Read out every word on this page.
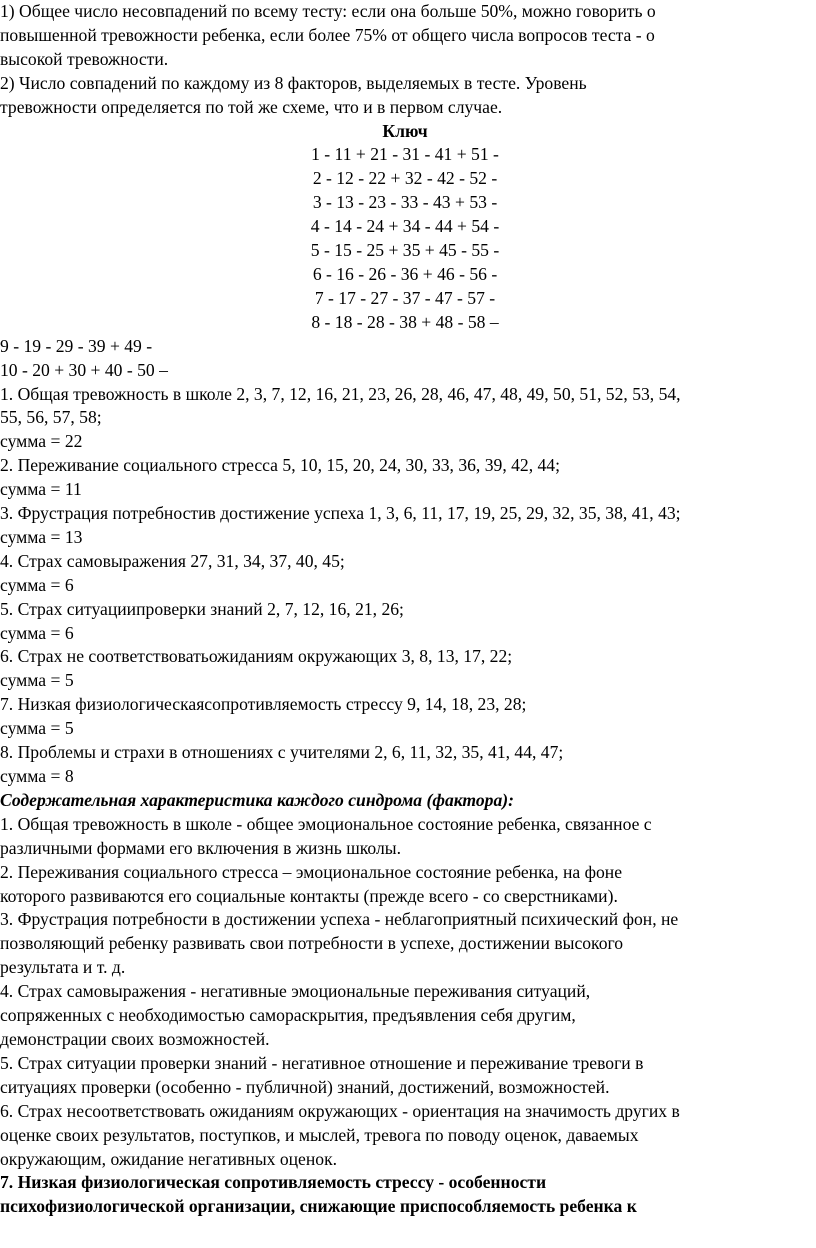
1) Общее число несовпадений по всему тесту: если она больше 50%, можно говорить о
повышенной тревожности ребенка, если более 75% от общего числа вопросов теста - о
высокой тревожности.
2) Число совпадений по каждому из 8 факторов, выделяемых в тесте. Уровень
тревожности определяется по той же схеме, что и в первом случае.
Ключ
1 - 11 + 21 - 31 - 41 + 51 -
2 - 12 - 22 + 32 - 42 - 52 -
3 - 13 - 23 - 33 - 43 + 53 -
4 - 14 - 24 + 34 - 44 + 54 -
5 - 15 - 25 + 35 + 45 - 55 -
6 - 16 - 26 - 36 + 46 - 56 -
7 - 17 - 27 - 37 - 47 - 57 -
8 - 18 - 28 - 38 + 48 - 58 –
9 - 19 - 29 - 39 + 49 -
10 - 20 + 30 + 40 - 50 –
1. Общая тревожность в школе 2, 3, 7, 12, 16, 21, 23, 26, 28, 46, 47, 48, 49, 50, 51, 52, 53, 54,
55, 56, 57, 58;
сумма = 22
2. Переживание социального стресса 5, 10, 15, 20, 24, 30, 33, 36, 39, 42, 44;
сумма = 11
3. Фрустрация потребностив достижение успеха 1, 3, 6, 11, 17, 19, 25, 29, 32, 35, 38, 41, 43;
сумма = 13
4. Страх самовыражения 27, 31, 34, 37, 40, 45;
сумма = 6
5. Страх ситуациипроверки знаний 2, 7, 12, 16, 21, 26;
сумма = 6
6. Страх не соответствоватьожиданиям окружающих 3, 8, 13, 17, 22;
сумма = 5
7. Низкая физиологическаясопротивляемость стрессу 9, 14, 18, 23, 28;
сумма = 5
8. Проблемы и страхи в отношениях с учителями 2, 6, 11, 32, 35, 41, 44, 47;
сумма = 8
Содержательная характеристика каждого синдрома (фактора):
1. Общая тревожность в школе - общее эмоциональное состояние ребенка, связанное с
различными формами его включения в жизнь школы.
2. Переживания социального стресса – эмоциональное состояние ребенка, на фоне
которого развиваются его социальные контакты (прежде всего - со сверстниками).
3. Фрустрация потребности в достижении успеха - неблагоприятный психический фон, не
позволяющий ребенку развивать свои потребности в успехе, достижении высокого
результата и т. д.
4. Страх самовыражения - негативные эмоциональные переживания ситуаций,
сопряженных с необходимостью самораскрытия, предъявления себя другим,
демонстрации своих возможностей.
5. Страх ситуации проверки знаний - негативное отношение и переживание тревоги в
ситуациях проверки (особенно - публичной) знаний, достижений, возможностей.
6. Страх несоответствовать ожиданиям окружающих - ориентация на значимость других в
оценке своих результатов, поступков, и мыслей, тревога по поводу оценок, даваемых
окружающим, ожидание негативных оценок.
7. Низкая физиологическая сопротивляемость стрессу - особенности
психофизиологической организации, снижающие приспособляемость ребенка к
